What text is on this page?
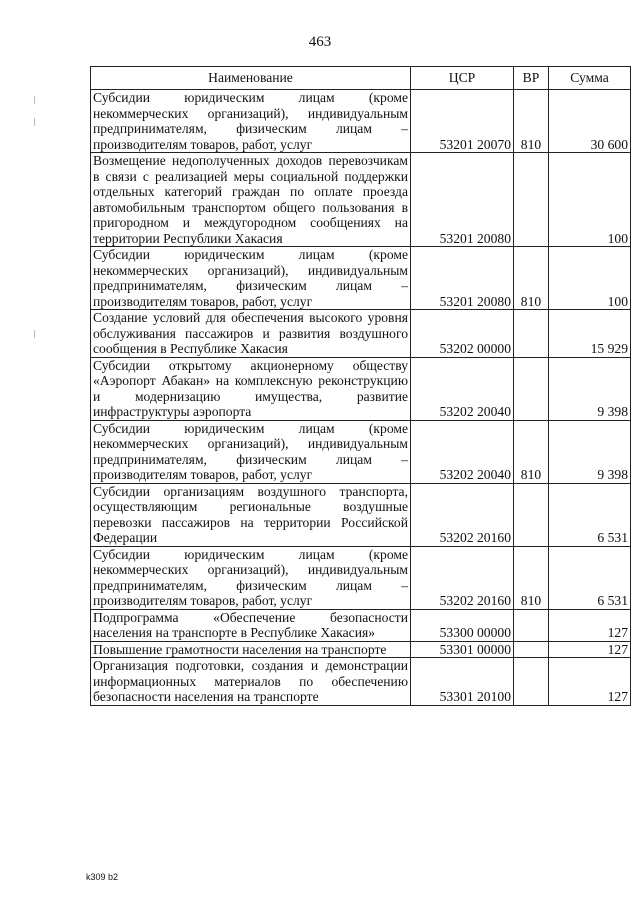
463
Наименование	ЦСР	ВР	Сумма
Субсидии юридическим лицам (кроме некоммерческих организаций), индивидуальным предпринимателям, физическим лицам – производителям товаров, работ, услуг	53201 20070	810	30 600
Возмещение недополученных доходов перевозчикам в связи с реализацией меры социальной поддержки отдельных категорий граждан по оплате проезда автомобильным транспортом общего пользования в пригородном и междугородном сообщениях на территории Республики Хакасия	53201 20080		100
Субсидии юридическим лицам (кроме некоммерческих организаций), индивидуальным предпринимателям, физическим лицам – производителям товаров, работ, услуг	53201 20080	810	100
Создание условий для обеспечения высокого уровня обслуживания пассажиров и развития воздушного сообщения в Республике Хакасия	53202 00000		15 929
Субсидии открытому акционерному обществу «Аэропорт Абакан» на комплексную реконструкцию и модернизацию имущества, развитие инфраструктуры аэропорта	53202 20040		9 398
Субсидии юридическим лицам (кроме некоммерческих организаций), индивидуальным предпринимателям, физическим лицам – производителям товаров, работ, услуг	53202 20040	810	9 398
Субсидии организациям воздушного транспорта, осуществляющим региональные воздушные перевозки пассажиров на территории Российской Федерации	53202 20160		6 531
Субсидии юридическим лицам (кроме некоммерческих организаций), индивидуальным предпринимателям, физическим лицам – производителям товаров, работ, услуг	53202 20160	810	6 531
Подпрограмма «Обеспечение безопасности населения на транспорте в Республике Хакасия»	53300 00000		127
Повышение грамотности населения на транспорте	53301 00000		127
Организация подготовки, создания и демонстрации информационных материалов по обеспечению безопасности населения на транспорте	53301 20100		127
k309 b2
